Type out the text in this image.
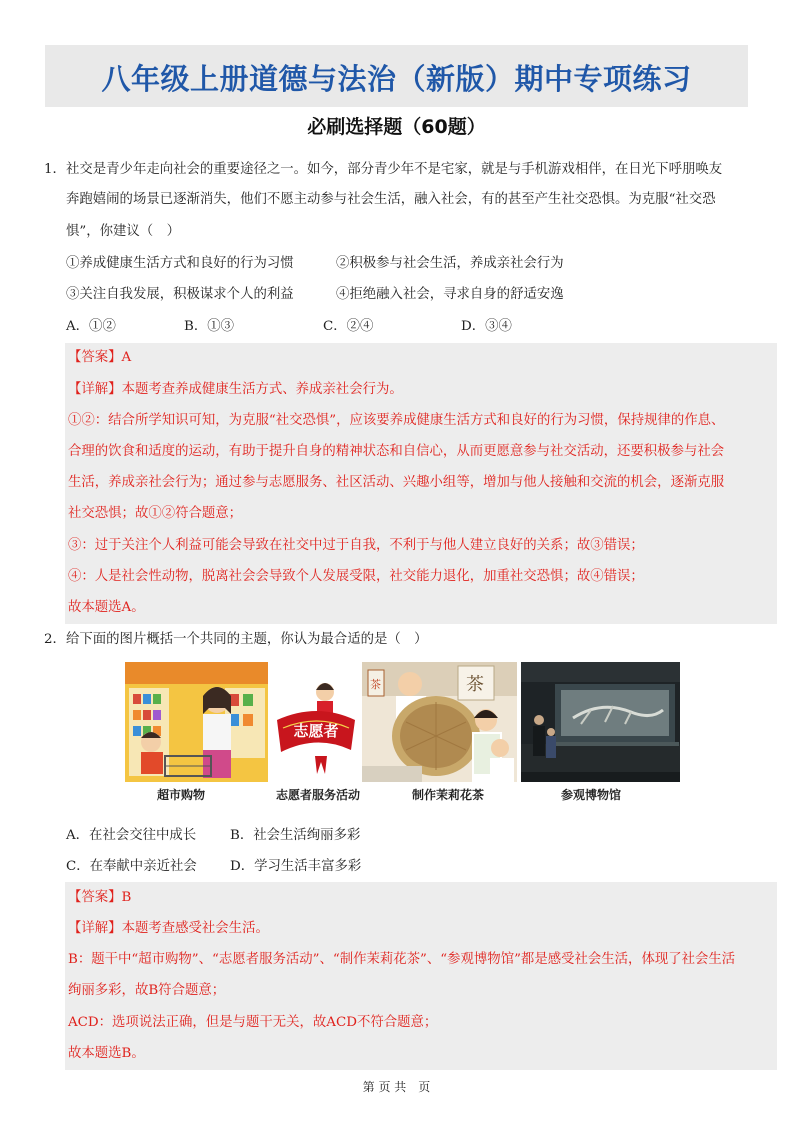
八年级上册道德与法治（新版）期中专项练习
必刷选择题（60题）
1． 社交是青少年走向社会的重要途径之一。如今，部分青少年不是宅家，就是与手机游戏相伴，在日光下呼朋唤友
奔跑嬉闹的场景已逐渐消失，他们不愿主动参与社会生活，融入社会，有的甚至产生社交恐惧。为克服“社交恐
惧”，你建议（　）
①养成健康生活方式和良好的行为习惯	②积极参与社会生活，养成亲社会行为
③关注自我发展，积极谋求个人的利益	④拒绝融入社会，寻求自身的舒适安逸
A．①②	B．①③	C．②④	D．③④
【答案】A
【详解】本题考查养成健康生活方式、养成亲社会行为。
①②：结合所学知识可知，为克服“社交恐惧”，应该要养成健康生活方式和良好的行为习惯，保持规律的作息、
合理的饮食和适度的运动，有助于提升自身的精神状态和自信心，从而更愿意参与社交活动，还要积极参与社会
生活，养成亲社会行为；通过参与志愿服务、社区活动、兴趣小组等，增加与他人接触和交流的机会，逐渐克服
社交恐惧；故①②符合题意；
③：过于关注个人利益可能会导致在社交中过于自我，不利于与他人建立良好的关系；故③错误；
④：人是社会性动物，脱离社会会导致个人发展受限，社交能力退化，加重社交恐惧；故④错误；
故本题选A。
2． 给下面的图片概括一个共同的主题，你认为最合适的是（　）
志愿者
茶
茶
超市购物	志愿者服务活动	制作茉莉花茶	参观博物馆
A．在社会交往中成长	B．社会生活绚丽多彩
C．在奉献中亲近社会 D．学习生活丰富多彩
【答案】B
【详解】本题考查感受社会生活。
B：题干中“超市购物”、“志愿者服务活动”、“制作茉莉花茶”、“参观博物馆”都是感受社会生活，体现了社会生活
绚丽多彩，故B符合题意；
ACD：选项说法正确，但是与题干无关，故ACD不符合题意；
故本题选B。
第 页 共　页
